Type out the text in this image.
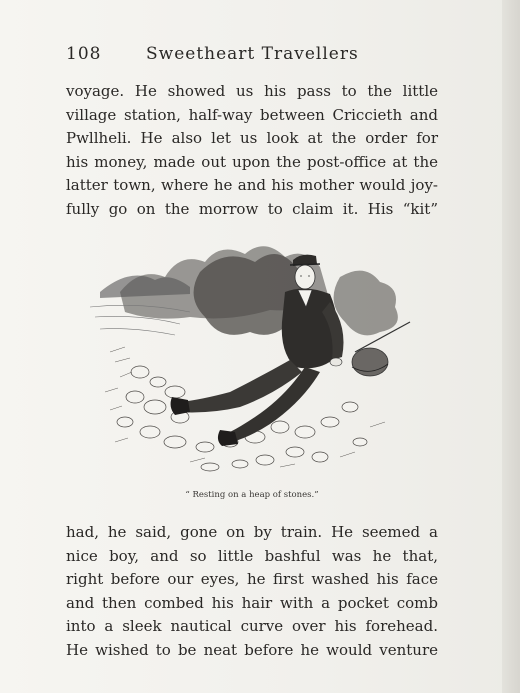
108	Sweetheart Travellers
voyage. He showed us his pass to the little
village station, half-way between Criccieth and
Pwllheli. He also let us look at the order for
his money, made out upon the post-office at the
latter town, where he and his mother would joy-
fully go on the morrow to claim it. His “kit”
“ Resting on a heap of stones.”
had, he said, gone on by train. He seemed a
nice boy, and so little bashful was he that,
right before our eyes, he first washed his face
and then combed his hair with a pocket comb
into a sleek nautical curve over his forehead.
He wished to be neat before he would venture
